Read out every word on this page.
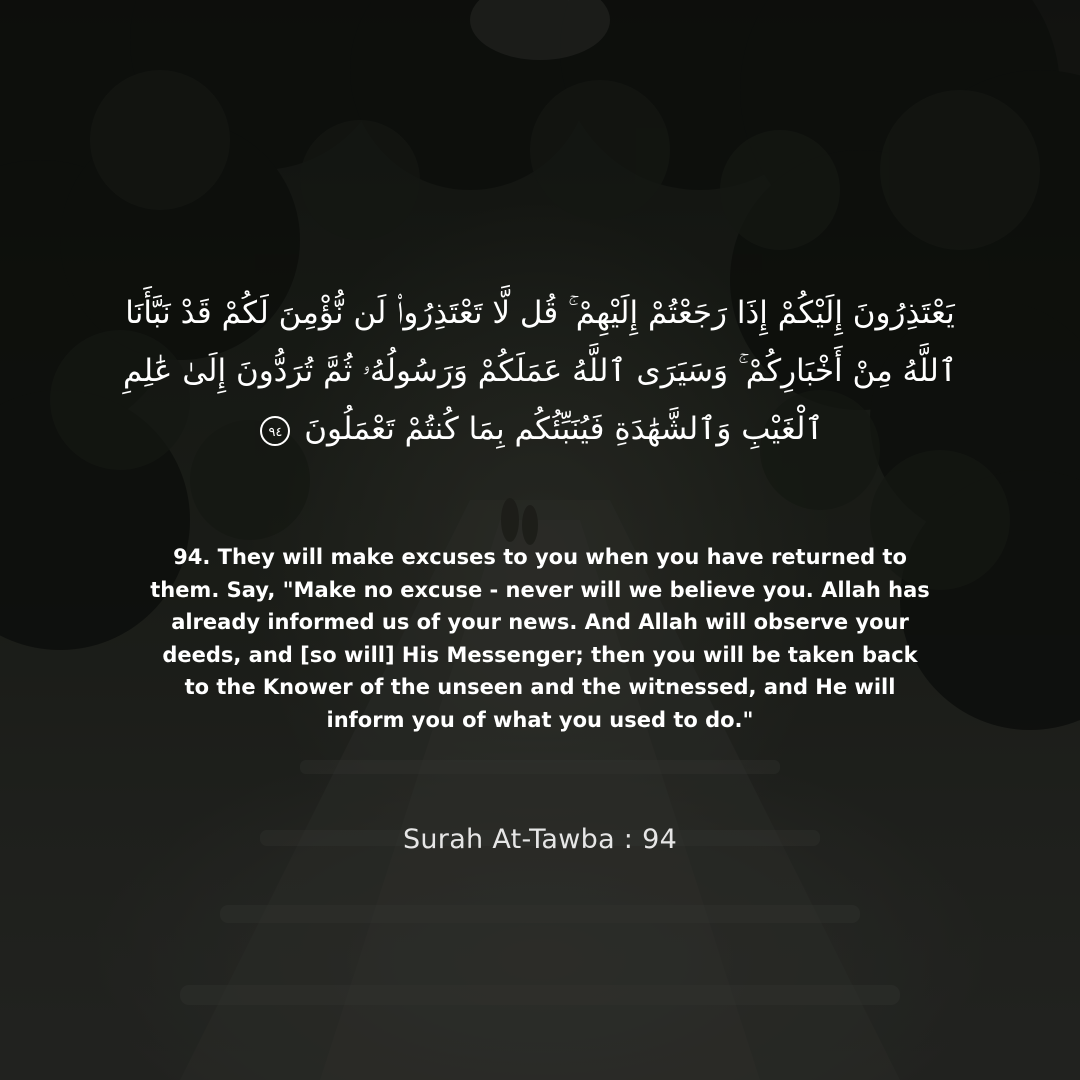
يَعْتَذِرُونَ إِلَيْكُمْ إِذَا رَجَعْتُمْ إِلَيْهِمْ ۚ قُل لَّا تَعْتَذِرُوا۟ لَن نُّؤْمِنَ لَكُمْ قَدْ نَبَّأَنَا ٱللَّهُ مِنْ أَخْبَارِكُمْ ۚ وَسَيَرَى ٱللَّهُ عَمَلَكُمْ وَرَسُولُهُۥ ثُمَّ تُرَدُّونَ إِلَىٰ عَٰلِمِ ٱلْغَيْبِ وَٱلشَّهَٰدَةِ فَيُنَبِّئُكُم بِمَا كُنتُمْ تَعْمَلُونَ ٩٤

94. They will make excuses to you when you have returned to them. Say, "Make no excuse - never will we believe you. Allah has already informed us of your news. And Allah will observe your deeds, and [so will] His Messenger; then you will be taken back to the Knower of the unseen and the witnessed, and He will inform you of what you used to do."

Surah At-Tawba : 94
